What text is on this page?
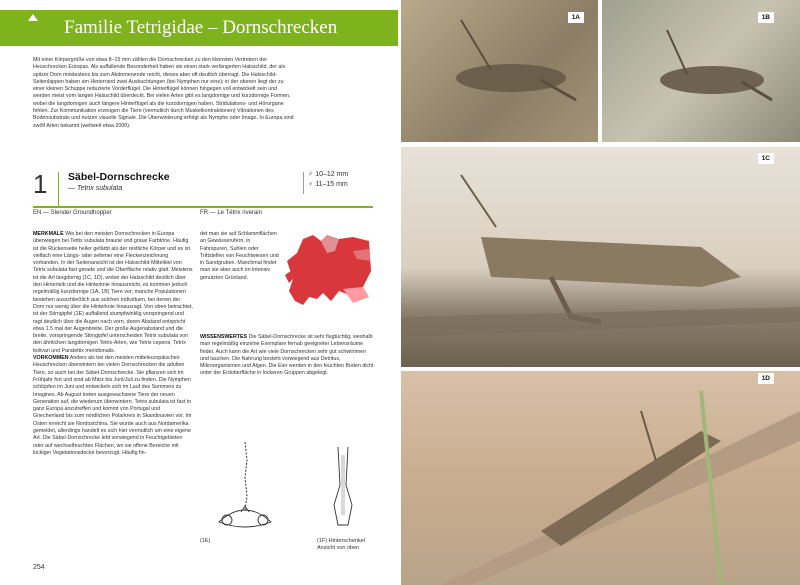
Familie Tetrigidae – Dornschrecken

Mit einer Körpergröße von etwa 8–15 mm zählen die Dornschrecken zu den kleinsten Vertretern der Heuschrecken Europas. Als auffallende Besonderheit haben sie einen stark verlängerten Halsschild, der als spitzer Dorn mindestens bis zum Abdomenende reicht, dieses aber oft deutlich überragt. Die Halsschild-Seitenlappen haben am Hinterrand zwei Ausbuchtungen (bei Nymphen nur eine); in der oberen liegt der zu einer kleinen Schuppe reduzierte Vorderflügel. Die Hinterflügel können hingegen voll entwickelt sein und werden meist vom langen Halsschild überdeckt. Bei vielen Arten gibt es langdornige und kurzdornige Formen, wobei die langdornigen auch längere Hinterflügel als die kurzdornigen haben. Stridulations- und Hörorgane fehlen. Zur Kommunikation erzeugen die Tiere (vermutlich durch Muskelkontraktionen) Vibrationen des Bodensubstrats und nutzen visuelle Signale. Die Überwinterung erfolgt als Nymphe oder Imago. In Europa sind zwölf Arten bekannt (weltweit etwa 2000).

1 Säbel-Dornschrecke
— Tetrix subulata
♂ 10–12 mm
♀ 11–15 mm
EN — Slender Groundhopper	FR — Le Tétrix riverain

MERKMALE Wie bei den meisten Dornschrecken in Europa überwiegen bei Tettix subulata braune und graue Farbtöne. Häufig ist die Rückenseite heller gefärbt als der restliche Körper und es ist vielfach eine Längs- oder seltener eine Fleckenzeichnung vorhanden. In der Seitenansicht ist der Halsschild-Mittelkiel von Tetrix subulata fast gerade und die Oberfläche relativ glatt. Meistens ist die Art langdornig (1C, 1D), wobei der Halsschild deutlich über den Hinterleib und die Hinterknie hinausreicht, es kommen jedoch regelmäßig kurzdornige (1A, 1B) Tiere vor; manche Populationen bestehen ausschließlich aus solchen Individuen, bei denen der Dorn nur wenig über die Hinterknie hinausragt. Von oben betrachtet, ist der Stirngipfel (1E) auffallend stumpfwinklig vorspringend und ragt deutlich über die Augen nach vorn, deren Abstand entspricht etwa 1,5 mal der Augenbreite. Der große Augenabstand und die breite, vorspringende Stirngipfel unterscheiden Tetrix subulata von den ähnlichen langdornigen Tetrix-Arten, wie Tetrix ceperoi, Tetrix bolivari und Paratettix meridionalis.

VORKOMMEN Anders als bei den meisten mitteleuropäischen Heuschrecken überwintern bei vielen Dornschrecken die adulten Tiere, so auch bei der Säbel-Dornschrecke. Sie pflanzen sich im Frühjahr fort und sind ab März bis Juni/Juli zu finden. Die Nymphen schlüpfen im Juni und entwickeln sich im Lauf des Sommers zu Imagines. Ab August treten ausgewachsene Tiere der neuen Generation auf, die wiederum überwintern. Tetrix subulata ist fast in ganz Europa anzutreffen und kommt von Portugal und Griechenland bis zum nördlichen Polarkreis in Skandinavien vor. Im Osten erreicht sie Nordostchina. Sie wurde auch aus Nordamerika gemeldet, allerdings handelt es sich hier vermutlich um eine eigene Art. Die Säbel-Dornschrecke lebt vorwiegend in Feuchtgebieten oder auf wechselfeuchten Flächen, wo sie offene Bereiche mit lückiger Vegetationsdecke bevorzugt. Häufig fin-

det man sie auf Schlammflächen an Gewässerufern, in Fahrspuren, Suhlen oder Trittstellen von Feuchtwiesen und in Sandgruben. Manchmal findet man sie aber auch im intensiv genutzten Grünland.

WISSENSWERTES Die Säbel-Dornschrecke ist sehr flugtüchtig, weshalb man regelmäßig einzelne Exemplare fernab geeigneter Lebensräume findet. Auch kann die Art wie viele Dornschrecken sehr gut schwimmen und tauchen. Die Nahrung besteht vorwiegend aus Detritus, Mikroorganismen und Algen. Die Eier werden in den feuchten Boden dicht unter der Erdoberfläche in lockeren Gruppen abgelegt.

(1E)	(1F) Hinterschenkel
Ansicht von oben
254
1A	1B
1C
1D
